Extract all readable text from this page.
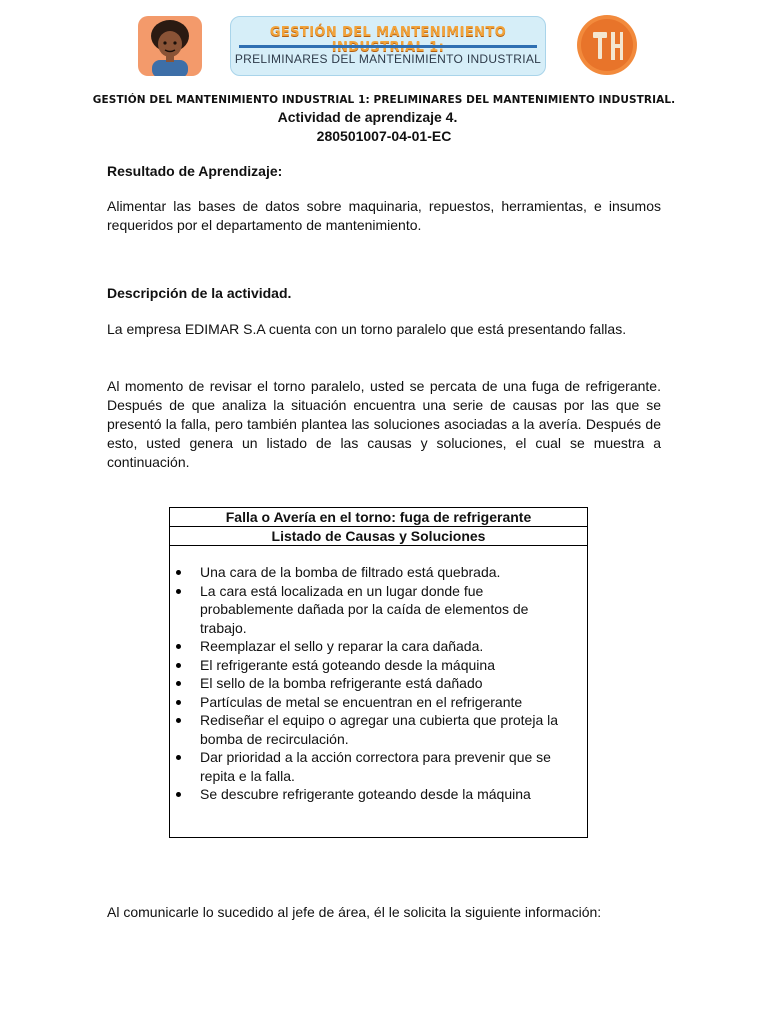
GESTIÓN DEL MANTENIMIENTO
PRELIMINARES DEL MANTENIMIENTO INDUSTRIAL
GESTIÓN DEL MANTENIMIENTO INDUSTRIAL 1: PRELIMINARES DEL MANTENIMIENTO INDUSTRIAL.
Actividad de aprendizaje 4.
280501007-04-01-EC
Resultado de Aprendizaje:

Alimentar las bases de datos sobre maquinaria, repuestos, herramientas, e insumos requeridos por el departamento de mantenimiento.

Descripción de la actividad.

La empresa EDIMAR S.A cuenta con un torno paralelo que está presentando fallas.

Al momento de revisar el torno paralelo, usted se percata de una fuga de refrigerante. Después de que analiza la situación encuentra una serie de causas por las que se presentó la falla, pero también plantea las soluciones asociadas a la avería. Después de esto, usted genera un listado de las causas y soluciones, el cual se muestra a continuación.

Falla o Avería en el torno: fuga de refrigerante
Listado de Causas y Soluciones
Una cara de la bomba de filtrado está quebrada.
La cara está localizada en un lugar donde fue probablemente dañada por la caída de elementos de trabajo.
Reemplazar el sello y reparar la cara dañada.
El refrigerante está goteando desde la máquina
El sello de la bomba refrigerante está dañado
Partículas de metal se encuentran en el refrigerante
Rediseñar el equipo o agregar una cubierta que proteja la bomba de recirculación.
Dar prioridad a la acción correctora para prevenir que se repita e la falla.
Se descubre refrigerante goteando desde la máquina

Al comunicarle lo sucedido al jefe de área, él le solicita la siguiente información:
